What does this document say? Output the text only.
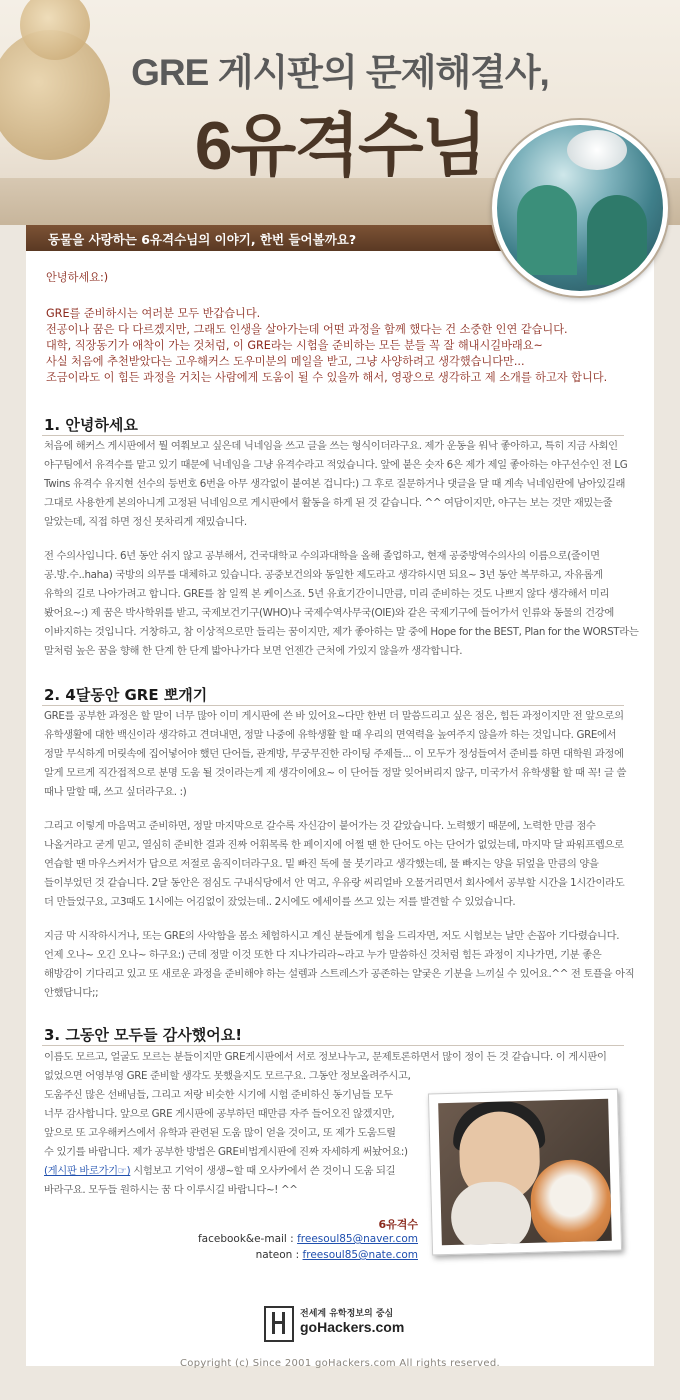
GRE 게시판의 문제해결사,
6유격수님
동물을 사랑하는 6유격수님의 이야기, 한번 들어볼까요?
안녕하세요:)
GRE를 준비하시는 여러분 모두 반갑습니다.
전공이나 꿈은 다 다르겠지만, 그래도 인생을 살아가는데 어떤 과정을 함께 했다는 건 소중한 인연 같습니다.
대학, 직장동기가 애착이 가는 것처럼, 이 GRE라는 시험을 준비하는 모든 분들 꼭 잘 해내시길바래요~
사실 처음에 추천받았다는 고우해커스 도우미분의 메일을 받고, 그냥 사양하려고 생각했습니다만...
조금이라도 이 힘든 과정을 거치는 사람에게 도움이 될 수 있을까 해서, 영광으로 생각하고 제 소개를 하고자 합니다.
1. 안녕하세요
처음에 해커스 게시판에서 뭘 여쭤보고 싶은데 닉네임을 쓰고 글을 쓰는 형식이더라구요. 제가 운동을 워낙 좋아하고, 특히 지금 사회인
야구팀에서 유격수를 맡고 있기 때문에 닉네임을 그냥 유격수라고 적었습니다. 앞에 붙은 숫자 6은 제가 제일 좋아하는 야구선수인 전 LG
Twins 유격수 유지현 선수의 등번호 6번을 아무 생각없이 붙여본 겁니다:) 그 후로 질문하거나 댓글을 달 때 계속 닉네임란에 남아있길래
그대로 사용한게 본의아니게 고정된 닉네임으로 게시판에서 활동을 하게 된 것 같습니다. ^^ 여담이지만, 야구는 보는 것만 재밌는줄
알았는데, 직접 하면 정신 못차리게 재밌습니다.
전 수의사입니다. 6년 동안 쉬지 않고 공부해서, 건국대학교 수의과대학을 올해 졸업하고, 현재 공중방역수의사의 이름으로(줄이면
공.방.수..haha) 국방의 의무를 대체하고 있습니다. 공중보건의와 동일한 제도라고 생각하시면 되요~ 3년 동안 복무하고, 자유롭게
유학의 길로 나아가려고 합니다. GRE를 참 일찍 본 케이스죠. 5년 유효기간이니만큼, 미리 준비하는 것도 나쁘지 않다 생각해서 미리
봤어요~:) 제 꿈은 박사학위를 받고, 국제보건기구(WHO)나 국제수역사무국(OIE)와 같은 국제기구에 들어가서 인류와 동물의 건강에
이바지하는 것입니다. 거창하고, 참 이상적으로만 들리는 꿈이지만, 제가 좋아하는 말 중에 Hope for the BEST, Plan for the WORST라는
말처럼 높은 꿈을 향해 한 단계 한 단계 밟아나가다 보면 언젠간 근처에 가있지 않을까 생각합니다.
2. 4달동안 GRE 뽀개기
GRE를 공부한 과정은 할 말이 너무 많아 이미 게시판에 쓴 바 있어요~다만 한번 더 말씀드리고 싶은 점은, 힘든 과정이지만 전 앞으로의
유학생활에 대한 백신이라 생각하고 견뎌내면, 정말 나중에 유학생활 할 때 우리의 면역력을 높여주지 않을까 하는 것입니다. GRE에서
정말 무식하게 머릿속에 집어넣어야 했던 단어들, 관계방, 무궁무진한 라이팅 주제들... 이 모두가 정성들여서 준비를 하면 대학원 과정에
알게 모르게 직간접적으로 분명 도움 될 것이라는게 제 생각이에요~ 이 단어들 정말 잊어버리지 않구, 미국가서 유학생활 할 때 꼭! 글 쓸
때나 말할 때, 쓰고 싶더라구요. :)
그리고 이렇게 마음먹고 준비하면, 정말 마지막으로 갈수록 자신감이 붙어가는 것 같았습니다. 노력했기 때문에, 노력한 만큼 점수
나올거라고 굳게 믿고, 열심히 준비한 결과 진짜 어휘목록 한 페이지에 어쩔 땐 한 단어도 아는 단어가 없었는데, 마지막 달 파워프렙으로
연습할 땐 마우스커서가 답으로 저절로 움직이더라구요. 밑 빠진 독에 물 붓기라고 생각했는데, 물 빠지는 양을 뒤엎을 만큼의 양을
들이부었던 것 같습니다. 2달 동안은 점심도 구내식당에서 안 먹고, 우유랑 씨리얼바 오물거리면서 회사에서 공부할 시간을 1시간이라도
더 만들었구요, 고3때도 1시에는 어김없이 잤었는데.. 2시에도 에세이를 쓰고 있는 저를 발견할 수 있었습니다.
지금 막 시작하시거나, 또는 GRE의 사악함을 몸소 체험하시고 계신 분들에게 힘을 드리자면, 저도 시험보는 날만 손꼽아 기다렸습니다.
언제 오나~ 오긴 오나~ 하구요:) 근데 정말 이것 또한 다 지나가리라~라고 누가 말씀하신 것처럼 힘든 과정이 지나가면, 기분 좋은
해방감이 기다리고 있고 또 새로운 과정을 준비해야 하는 설렘과 스트레스가 공존하는 얄궂은 기분을 느끼실 수 있어요.^^ 전 토플을 아직
안했답니다;;
3. 그동안 모두들 감사했어요!
이름도 모르고, 얼굴도 모르는 분들이지만 GRE게시판에서 서로 정보나누고, 문제토론하면서 많이 정이 든 것 같습니다. 이 게시판이
없었으면 어영부영 GRE 준비할 생각도 못했을지도 모르구요. 그동안 정보올려주시고,
도움주신 많은 선배님들, 그리고 저랑 비슷한 시기에 시험 준비하신 동기님들 모두
너무 감사합니다. 앞으로 GRE 게시판에 공부하던 때만큼 자주 들어오진 않겠지만,
앞으로 또 고우해커스에서 유학과 관련된 도움 많이 얻을 것이고, 또 제가 도움드릴
수 있기를 바랍니다. 제가 공부한 방법은 GRE비법게시판에 진짜 자세하게 써놨어요:)
(게시판 바로가기☞) 시험보고 기억이 생생~할 때 오사카에서 쓴 것이니 도움 되길
바라구요. 모두들 원하시는 꿈 다 이루시길 바랍니다~! ^^
6유격수
facebook&e-mail : freesoul85@naver.com
nateon : freesoul85@nate.com
전세계 유학정보의 중심
goHackers.com
Copyright (c) Since 2001 goHackers.com All rights reserved.
